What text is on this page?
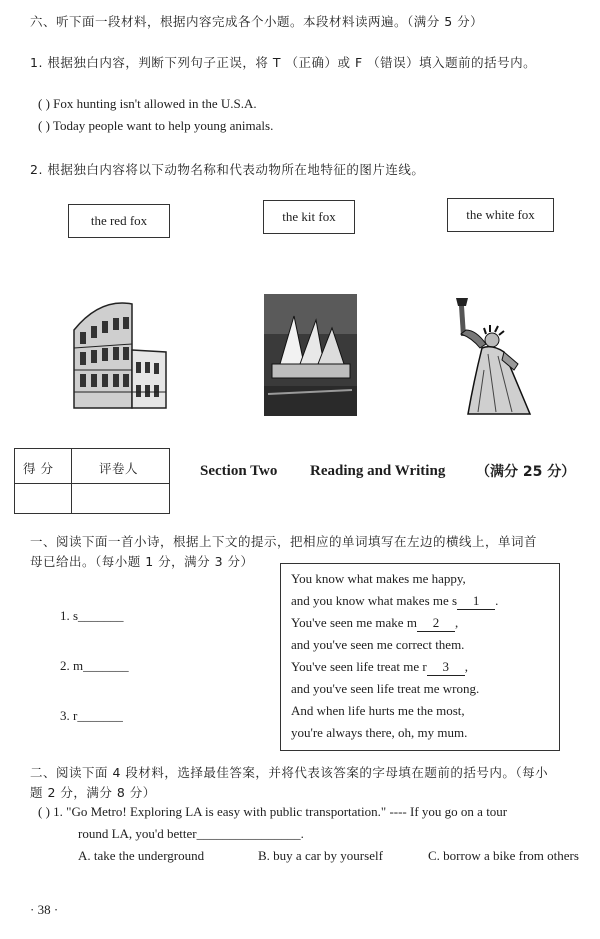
六、听下面一段材料，根据内容完成各个小题。本段材料读两遍。（满分 5 分）
1. 根据独白内容，判断下列句子正误，将 T （正确）或 F （错误）填入题前的括号内。
( ) Fox hunting isn't allowed in the U.S.A.
( ) Today people want to help young animals.
2. 根据独白内容将以下动物名称和代表动物所在地特征的图片连线。
the red fox	the kit fox	the white fox
得 分	评卷人	Section Two Reading and Writing （满分 25 分）
一、阅读下面一首小诗，根据上下文的提示，把相应的单词填写在左边的横线上，单词首
母已给出。（每小题 1 分，满分 3 分）
1. s_______
2. m_______
3. r_______
You know what makes me happy,
and you know what makes me s 1 .
You've seen me make m 2 ,
and you've seen me correct them.
You've seen life treat me r 3 ,
and you've seen life treat me wrong.
And when life hurts me the most,
you're always there, oh, my mum.
二、阅读下面 4 段材料，选择最佳答案，并将代表该答案的字母填在题前的括号内。（每小
题 2 分，满分 8 分）
( ) 1. "Go Metro! Exploring LA is easy with public transportation." ---- If you go on a tour
round LA, you'd better________________.
A. take the underground	B. buy a car by yourself	C. borrow a bike from others
· 38 ·
